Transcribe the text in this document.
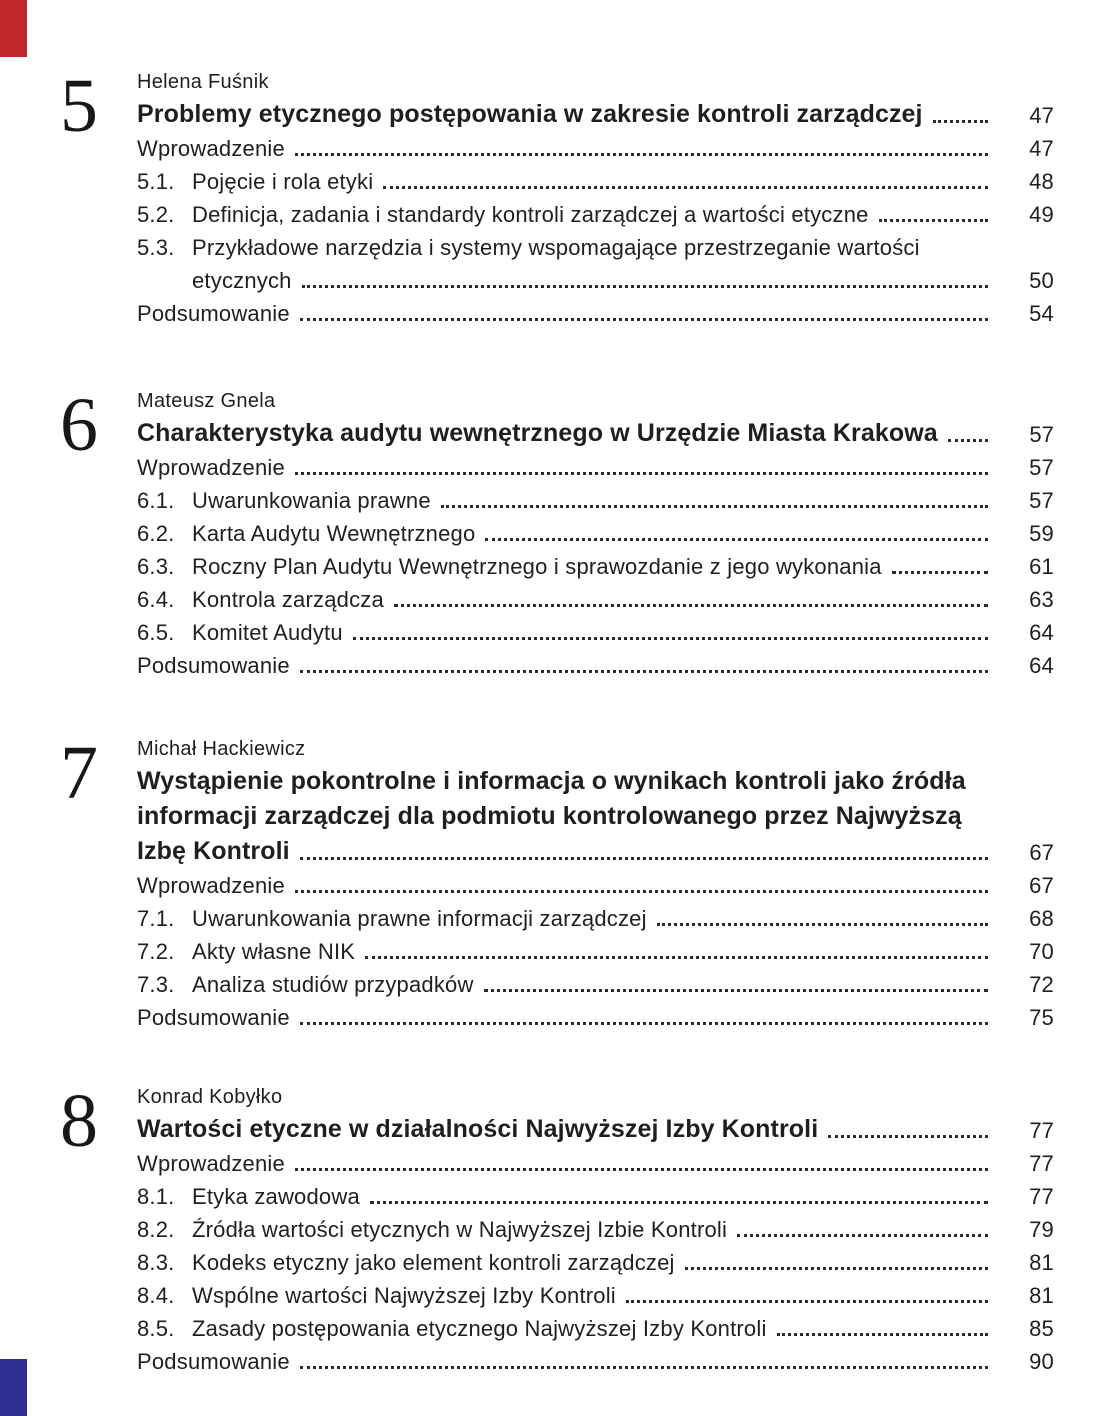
5 Helena Fuśnik
Problemy etycznego postępowania w zakresie kontroli zarządczej	47
Wprowadzenie	47
5.1. Pojęcie i rola etyki	48
5.2. Definicja, zadania i standardy kontroli zarządczej a wartości etyczne	49
5.3. Przykładowe narzędzia i systemy wspomagające przestrzeganie wartości
etycznych	50
Podsumowanie	54
6 Mateusz Gnela
Charakterystyka audytu wewnętrznego w Urzędzie Miasta Krakowa	57
Wprowadzenie	57
6.1. Uwarunkowania prawne	57
6.2. Karta Audytu Wewnętrznego	59
6.3. Roczny Plan Audytu Wewnętrznego i sprawozdanie z jego wykonania	61
6.4. Kontrola zarządcza	63
6.5. Komitet Audytu	64
Podsumowanie	64
7 Michał Hackiewicz
Wystąpienie pokontrolne i informacja o wynikach kontroli jako źródła
informacji zarządczej dla podmiotu kontrolowanego przez Najwyższą
Izbę Kontroli	67
Wprowadzenie	67
7.1. Uwarunkowania prawne informacji zarządczej	68
7.2. Akty własne NIK	70
7.3. Analiza studiów przypadków	72
Podsumowanie	75
8 Konrad Kobyłko
Wartości etyczne w działalności Najwyższej Izby Kontroli	77
Wprowadzenie	77
8.1. Etyka zawodowa	77
8.2. Źródła wartości etycznych w Najwyższej Izbie Kontroli	79
8.3. Kodeks etyczny jako element kontroli zarządczej	81
8.4. Wspólne wartości Najwyższej Izby Kontroli	81
8.5. Zasady postępowania etycznego Najwyższej Izby Kontroli	85
Podsumowanie	90
